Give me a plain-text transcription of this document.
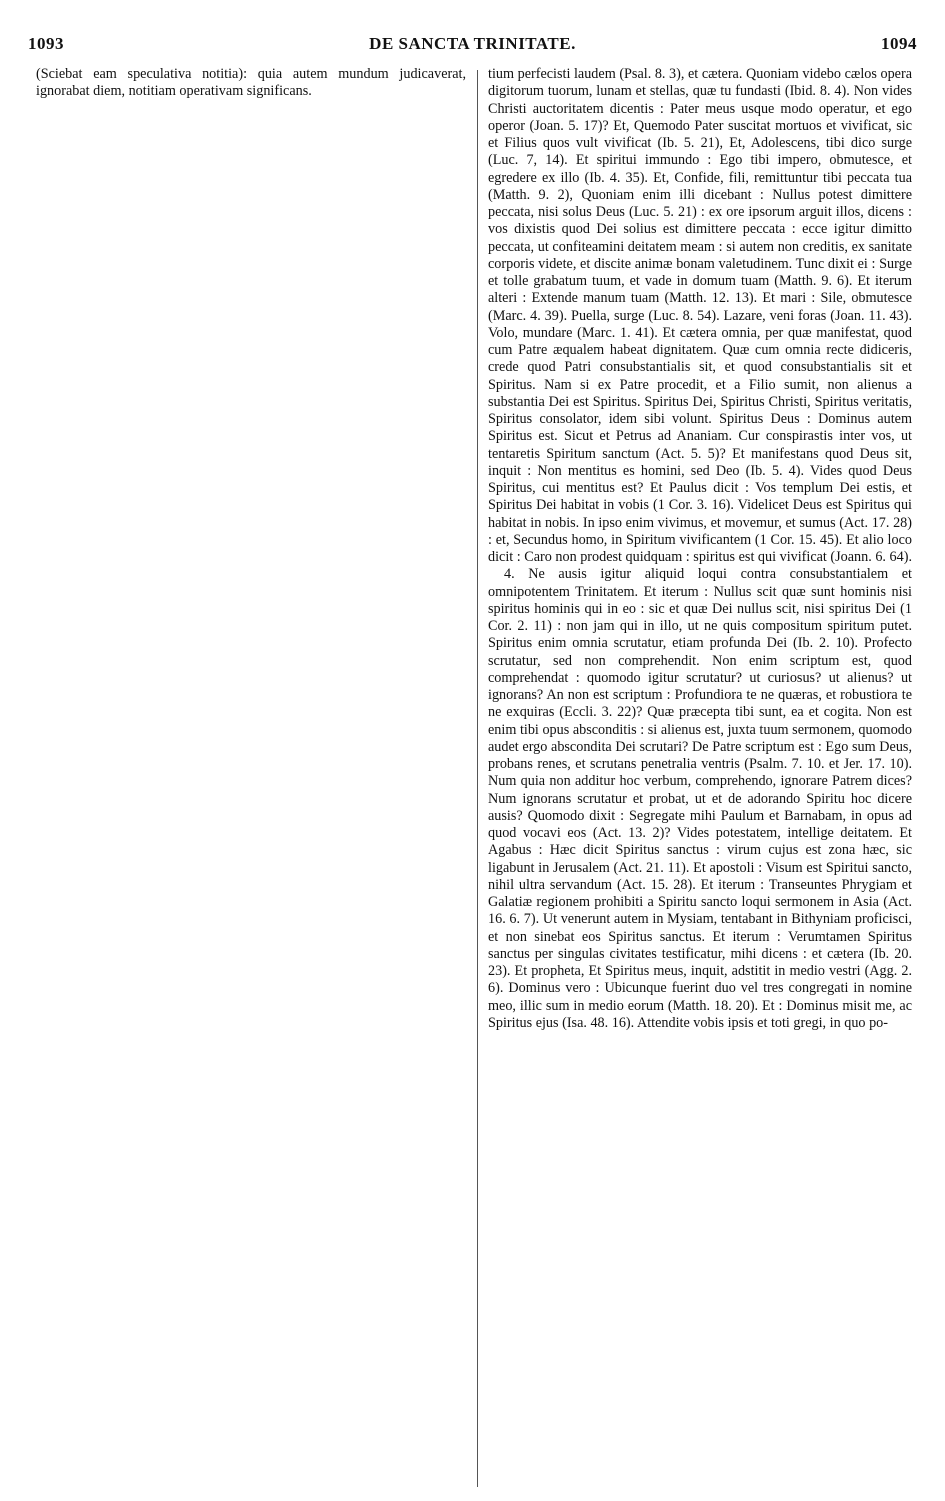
1093	DE SANCTA TRINITATE.	1094

(Sciebat eam speculativa notitia): quia autem mundum judicaverat, ignorabat diem, notitiam operativam significans.

tium perfecisti laudem (Psal. 8. 3), et cætera. Quoniam videbo cælos opera digitorum tuorum, lunam et stellas, quæ tu fundasti (Ibid. 8. 4). Non vides Christi auctoritatem dicentis : Pater meus usque modo operatur, et ego operor (Joan. 5. 17)? Et, Quemodo Pater suscitat mortuos et vivificat, sic et Filius quos vult vivificat (Ib. 5. 21), Et, Adolescens, tibi dico surge (Luc. 7, 14). Et spiritui immundo : Ego tibi impero, obmutesce, et egredere ex illo (Ib. 4. 35). Et, Confide, fili, remittuntur tibi peccata tua (Matth. 9. 2), Quoniam enim illi dicebant : Nullus potest dimittere peccata, nisi solus Deus (Luc. 5. 21) : ex ore ipsorum arguit illos, dicens : vos dixistis quod Dei solius est dimittere peccata : ecce igitur dimitto peccata, ut confiteamini deitatem meam : si autem non creditis, ex sanitate corporis videte, et discite animæ bonam valetudinem. Tunc dixit ei : Surge et tolle grabatum tuum, et vade in domum tuam (Matth. 9. 6). Et iterum alteri : Extende manum tuam (Matth. 12. 13). Et mari : Sile, obmutesce (Marc. 4. 39). Puella, surge (Luc. 8. 54). Lazare, veni foras (Joan. 11. 43). Volo, mundare (Marc. 1. 41). Et cætera omnia, per quæ manifestat, quod cum Patre æqualem habeat dignitatem. Quæ cum omnia recte didiceris, crede quod Patri consubstantialis sit, et quod consubstantialis sit et Spiritus. Nam si ex Patre procedit, et a Filio sumit, non alienus a substantia Dei est Spiritus. Spiritus Dei, Spiritus Christi, Spiritus veritatis, Spiritus consolator, idem sibi volunt. Spiritus Deus : Dominus autem Spiritus est. Sicut et Petrus ad Ananiam. Cur conspirastis inter vos, ut tentaretis Spiritum sanctum (Act. 5. 5)? Et manifestans quod Deus sit, inquit : Non mentitus es homini, sed Deo (Ib. 5. 4). Vides quod Deus Spiritus, cui mentitus est? Et Paulus dicit : Vos templum Dei estis, et Spiritus Dei habitat in vobis (1 Cor. 3. 16). Videlicet Deus est Spiritus qui habitat in nobis. In ipso enim vivimus, et movemur, et sumus (Act. 17. 28) : et, Secundus homo, in Spiritum vivificantem (1 Cor. 15. 45). Et alio loco dicit : Caro non prodest quidquam : spiritus est qui vivificat (Joann. 6. 64).

4. Ne ausis igitur aliquid loqui contra consubstantialem et omnipotentem Trinitatem. Et iterum : Nullus scit quæ sunt hominis nisi spiritus hominis qui in eo : sic et quæ Dei nullus scit, nisi spiritus Dei (1 Cor. 2. 11) : non jam qui in illo, ut ne quis compositum spiritum putet. Spiritus enim omnia scrutatur, etiam profunda Dei (Ib. 2. 10). Profecto scrutatur, sed non comprehendit. Non enim scriptum est, quod comprehendat : quomodo igitur scrutatur? ut curiosus? ut alienus? ut ignorans? An non est scriptum : Profundiora te ne quæras, et robustiora te ne exquiras (Eccli. 3. 22)? Quæ præcepta tibi sunt, ea et cogita. Non est enim tibi opus absconditis : si alienus est, juxta tuum sermonem, quomodo audet ergo abscondita Dei scrutari? De Patre scriptum est : Ego sum Deus, probans renes, et scrutans penetralia ventris (Psalm. 7. 10. et Jer. 17. 10). Num quia non additur hoc verbum, comprehendo, ignorare Patrem dices? Num ignorans scrutatur et probat, ut et de adorando Spiritu hoc dicere ausis? Quomodo dixit : Segregate mihi Paulum et Barnabam, in opus ad quod vocavi eos (Act. 13. 2)? Vides potestatem, intellige deitatem. Et Agabus : Hæc dicit Spiritus sanctus : virum cujus est zona hæc, sic ligabunt in Jerusalem (Act. 21. 11). Et apostoli : Visum est Spiritui sancto, nihil ultra servandum (Act. 15. 28). Et iterum : Transeuntes Phrygiam et Galatiæ regionem prohibiti a Spiritu sancto loqui sermonem in Asia (Act. 16. 6. 7). Ut venerunt autem in Mysiam, tentabant in Bithyniam proficisci, et non sinebat eos Spiritus sanctus. Et iterum : Verumtamen Spiritus sanctus per singulas civitates testificatur, mihi dicens : et cætera (Ib. 20. 23). Et propheta, Et Spiritus meus, inquit, adstitit in medio vestri (Agg. 2. 6). Dominus vero : Ubicunque fuerint duo vel tres congregati in nomine meo, illic sum in medio eorum (Matth. 18. 20). Et : Dominus misit me, ac Spiritus ejus (Isa. 48. 16). Attendite vobis ipsis et toti gregi, in quo po-
